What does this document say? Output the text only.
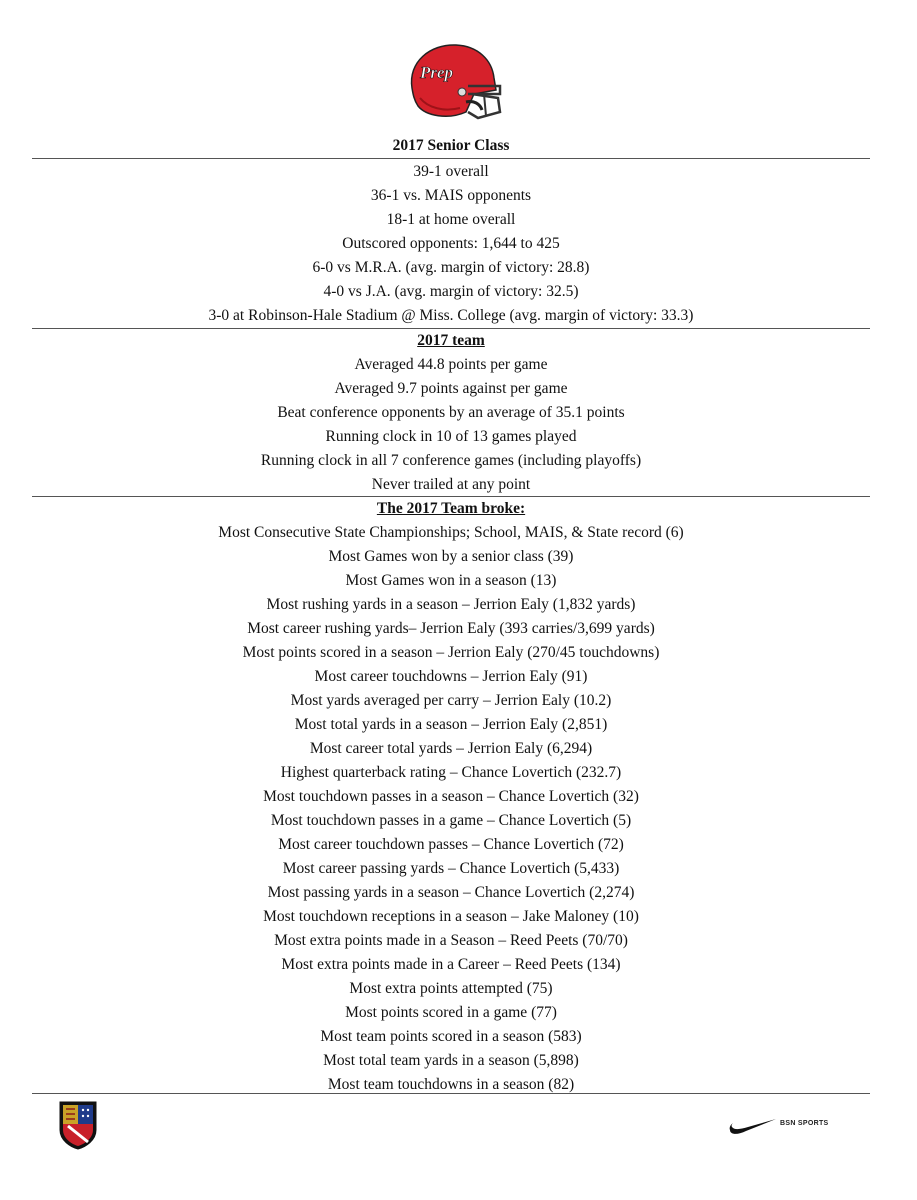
Prep
2017 Senior Class
39-1 overall
36-1 vs. MAIS opponents
18-1 at home overall
Outscored opponents: 1,644 to 425
6-0 vs M.R.A. (avg. margin of victory: 28.8)
4-0 vs J.A. (avg. margin of victory: 32.5)
3-0 at Robinson-Hale Stadium @ Miss. College (avg. margin of victory: 33.3)
2017 team
Averaged 44.8 points per game
Averaged 9.7 points against per game
Beat conference opponents by an average of 35.1 points
Running clock in 10 of 13 games played
Running clock in all 7 conference games (including playoffs)
Never trailed at any point
The 2017 Team broke:
Most Consecutive State Championships; School, MAIS, & State record (6)
Most Games won by a senior class (39)
Most Games won in a season (13)
Most rushing yards in a season – Jerrion Ealy (1,832 yards)
Most career rushing yards– Jerrion Ealy (393 carries/3,699 yards)
Most points scored in a season – Jerrion Ealy (270/45 touchdowns)
Most career touchdowns – Jerrion Ealy (91)
Most yards averaged per carry – Jerrion Ealy (10.2)
Most total yards in a season – Jerrion Ealy (2,851)
Most career total yards – Jerrion Ealy (6,294)
Highest quarterback rating – Chance Lovertich (232.7)
Most touchdown passes in a season – Chance Lovertich (32)
Most touchdown passes in a game – Chance Lovertich (5)
Most career touchdown passes – Chance Lovertich (72)
Most career passing yards – Chance Lovertich (5,433)
Most passing yards in a season – Chance Lovertich (2,274)
Most touchdown receptions in a season – Jake Maloney (10)
Most extra points made in a Season – Reed Peets (70/70)
Most extra points made in a Career – Reed Peets (134)
Most extra points attempted (75)
Most points scored in a game (77)
Most team points scored in a season (583)
Most total team yards in a season (5,898)
Most team touchdowns in a season (82)
BSN SPORTS
